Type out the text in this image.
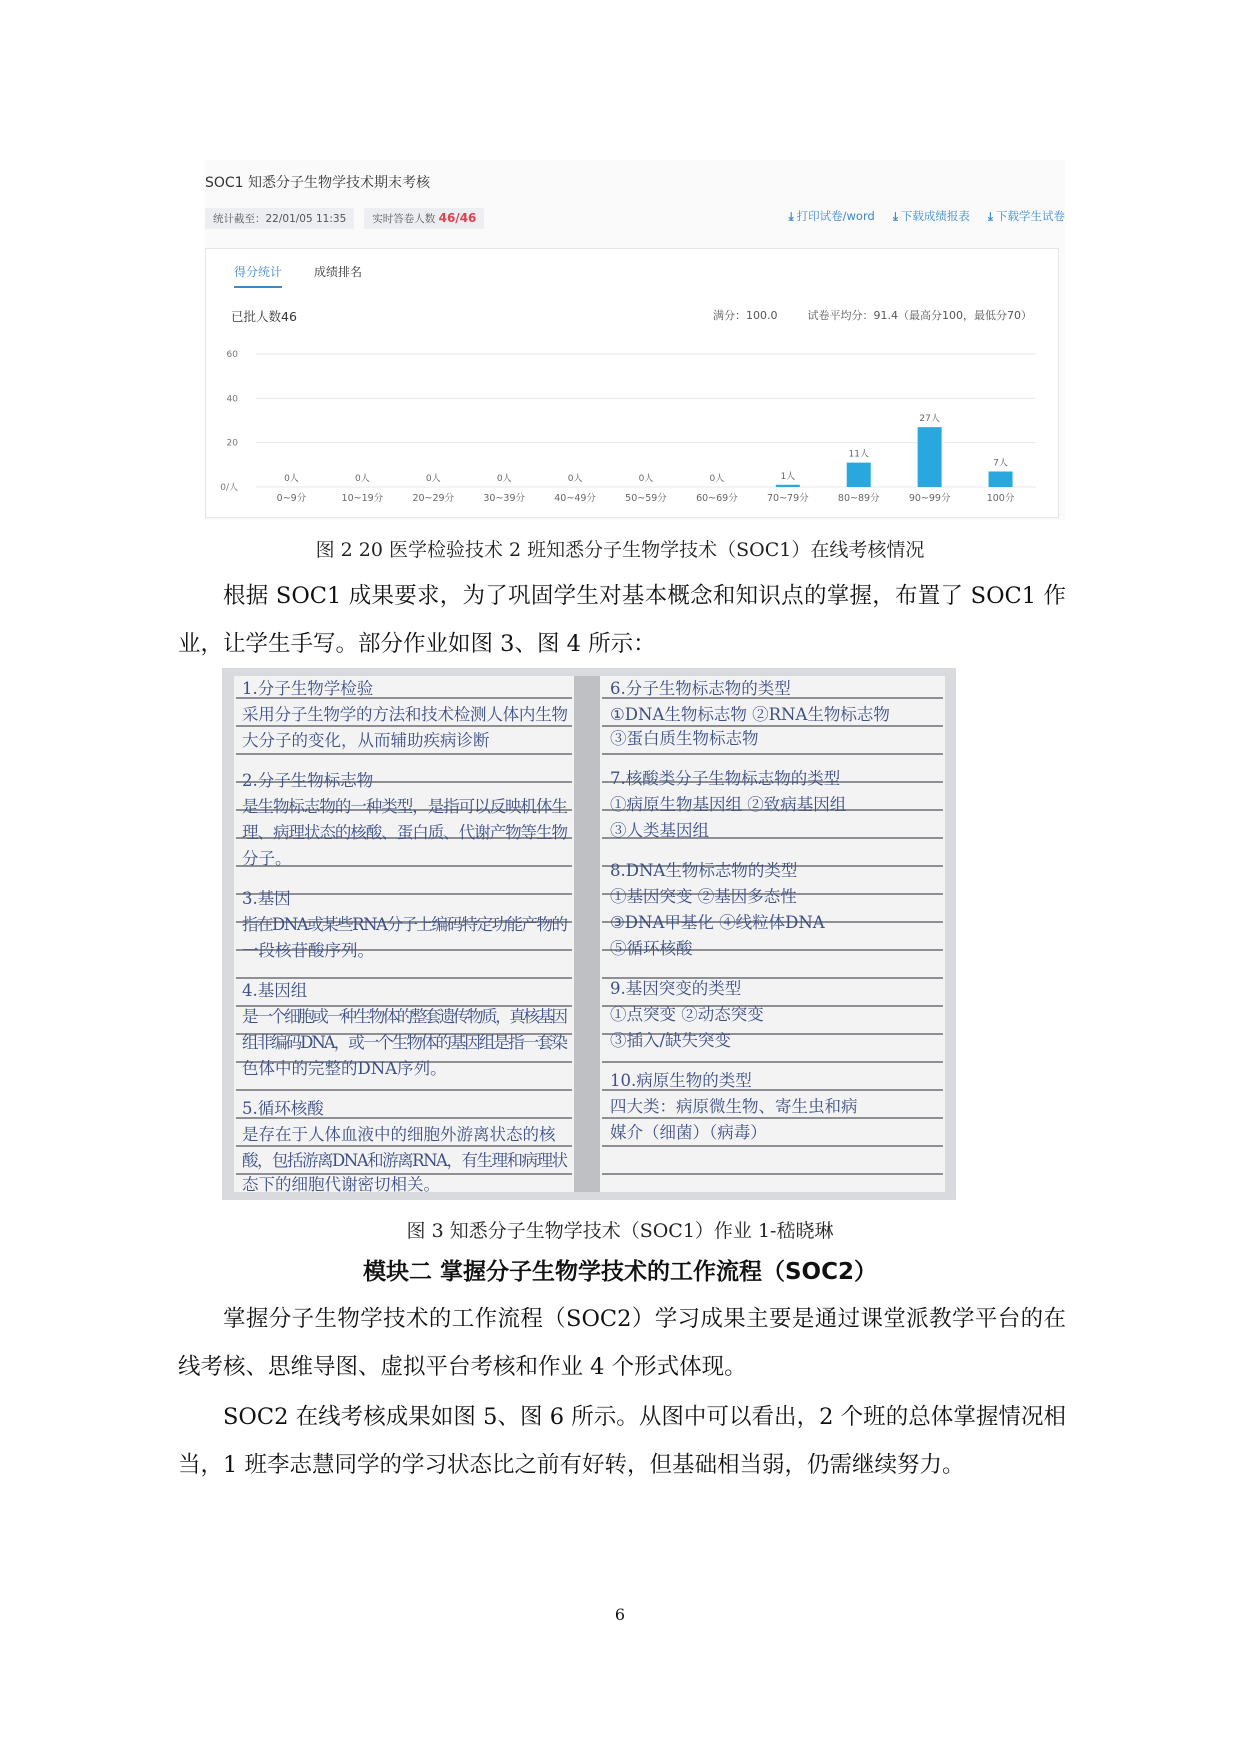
SOC1 知悉分子生物学技术期末考核
统计截至：22/01/05 11:35	实时答卷人数 46/46	⤓ 打印试卷/word ⤓ 下载成绩报表 ⤓ 下载学生试卷
得分统计	成绩排名
已批人数46	满分：100.0	试卷平均分：91.4（最高分100，最低分70）
0/人
20
40
60
0人
0~9分
0人
10~19分
0人
20~29分
0人
30~39分
0人
40~49分
0人
50~59分
0人
60~69分
1人
70~79分
11人
80~89分
27人
90~99分
7人
100分
图 2 20 医学检验技术 2 班知悉分子生物学技术（SOC1）在线考核情况

根据 SOC1 成果要求，为了巩固学生对基本概念和知识点的掌握，布置了 SOC1 作业，让学生手写。部分作业如图 3、图 4 所示：

1.分子生物学检验
采用分子生物学的方法和技术检测人体内生物
大分子的变化，从而辅助疾病诊断
2.分子生物标志物
是生物标志物的一种类型，是指可以反映机体生
理、病理状态的核酸、蛋白质、代谢产物等生物
分子。
3.基因
指在DNA或某些RNA分子上编码特定功能产物的
一段核苷酸序列。
4.基因组
是一个细胞或一种生物体的整套遗传物质，真核基因
组非编码DNA，或一个生物体的基因组是指一套染
色体中的完整的DNA序列。
5.循环核酸
是存在于人体血液中的细胞外游离状态的核
酸，包括游离DNA和游离RNA，有生理和病理状
态下的细胞代谢密切相关。
6.分子生物标志物的类型
①DNA生物标志物 ②RNA生物标志物
③蛋白质生物标志物
7.核酸类分子生物标志物的类型
①病原生物基因组 ②致病基因组
③人类基因组
8.DNA生物标志物的类型
①基因突变 ②基因多态性
③DNA甲基化 ④线粒体DNA
⑤循环核酸
9.基因突变的类型
①点突变 ②动态突变
③插入/缺失突变
10.病原生物的类型
四大类：病原微生物、寄生虫和病
媒介（细菌）（病毒）
图 3 知悉分子生物学技术（SOC1）作业 1-嵇晓琳
模块二 掌握分子生物学技术的工作流程（SOC2）

掌握分子生物学技术的工作流程（SOC2）学习成果主要是通过课堂派教学平台的在线考核、思维导图、虚拟平台考核和作业 4 个形式体现。

SOC2 在线考核成果如图 5、图 6 所示。从图中可以看出，2 个班的总体掌握情况相当，1 班李志慧同学的学习状态比之前有好转，但基础相当弱，仍需继续努力。

6
